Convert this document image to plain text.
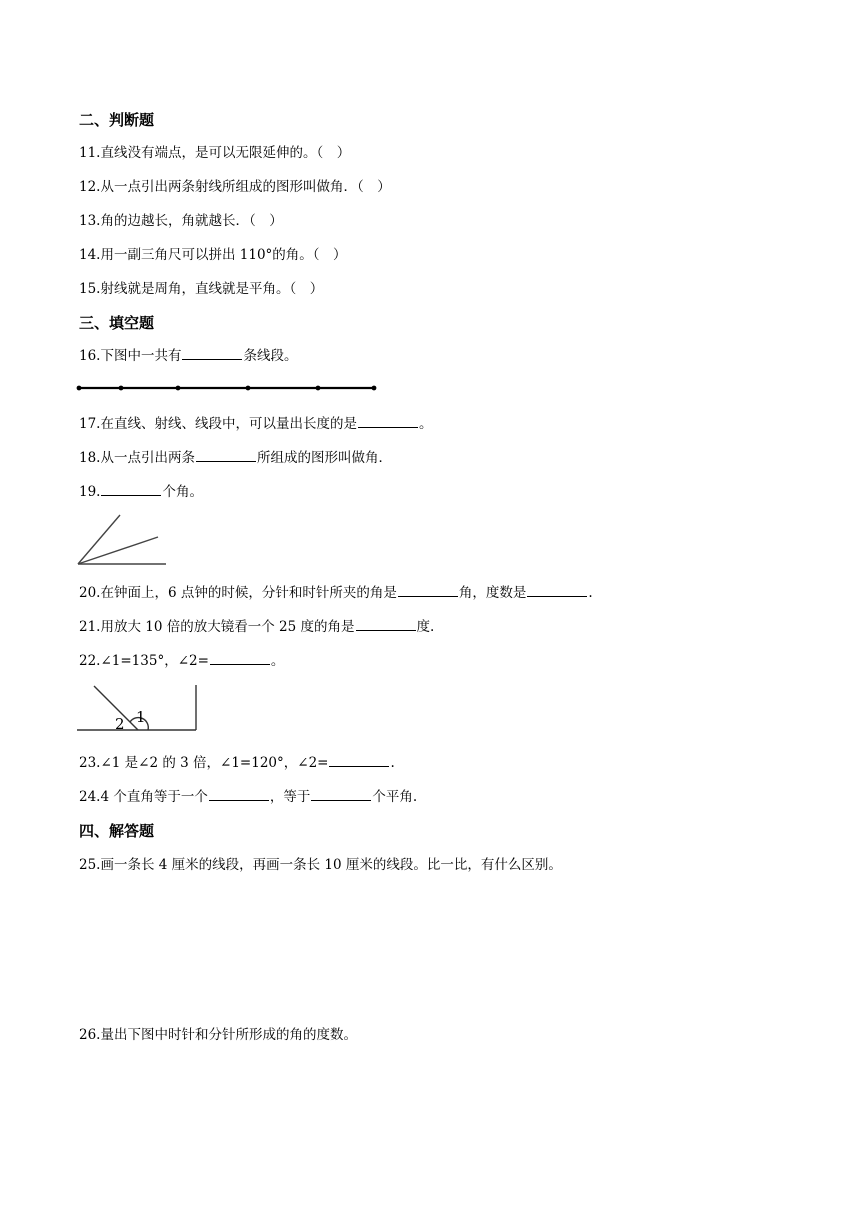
二、判断题
11.直线没有端点，是可以无限延伸的。（　）
12.从一点引出两条射线所组成的图形叫做角．（　）
13.角的边越长，角就越长．（　）
14.用一副三角尺可以拼出 110°的角。（　）
15.射线就是周角，直线就是平角。（　）
三、填空题
16.下图中一共有	条线段。
17.在直线、射线、线段中，可以量出长度的是	。
18.从一点引出两条	所组成的图形叫做角．
19.	个角。
20.在钟面上，6 点钟的时候，分针和时针所夹的角是	角，度数是	.
21.用放大 10 倍的放大镜看一个 25 度的角是	度.
22.∠1=135°，∠2=	。
2 1
23.∠1 是∠2 的 3 倍，∠1=120°，∠2=	.
24.4 个直角等于一个	，等于	个平角.
四、解答题
25.画一条长 4 厘米的线段，再画一条长 10 厘米的线段。比一比，有什么区别。
26.量出下图中时针和分针所形成的角的度数。
